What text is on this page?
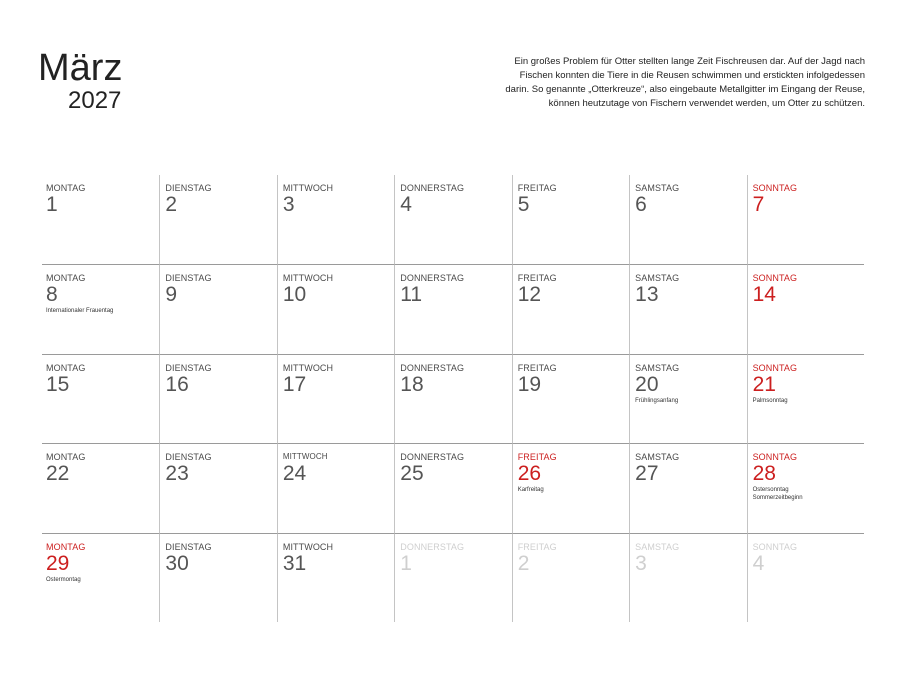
März
2027
Ein großes Problem für Otter stellten lange Zeit Fischreusen dar. Auf der Jagd nach Fischen konnten die Tiere in die Reusen schwimmen und erstickten infolgedessen darin. So genannte „Otterkreuze“, also eingebaute Metallgitter im Eingang der Reuse, können heutzutage von Fischern verwendet werden, um Otter zu schützen.
MONTAG
1
DIENSTAG
2
MITTWOCH
3
DONNERSTAG
4
FREITAG
5
SAMSTAG
6
SONNTAG
7
MONTAG
8
Internationaler Frauentag
DIENSTAG
9
MITTWOCH
10
DONNERSTAG
11
FREITAG
12
SAMSTAG
13
SONNTAG
14
MONTAG
15
DIENSTAG
16
MITTWOCH
17
DONNERSTAG
18
FREITAG
19
SAMSTAG
20
Frühlingsanfang
SONNTAG
21
Palmsonntag
MONTAG
22
DIENSTAG
23
MITTWOCH
24
DONNERSTAG
25
FREITAG
26
Karfreitag
SAMSTAG
27
SONNTAG
28
Ostersonntag
Sommerzeitbeginn
MONTAG
29
Ostermontag
DIENSTAG
30
MITTWOCH
31
DONNERSTAG
1
FREITAG
2
SAMSTAG
3
SONNTAG
4
